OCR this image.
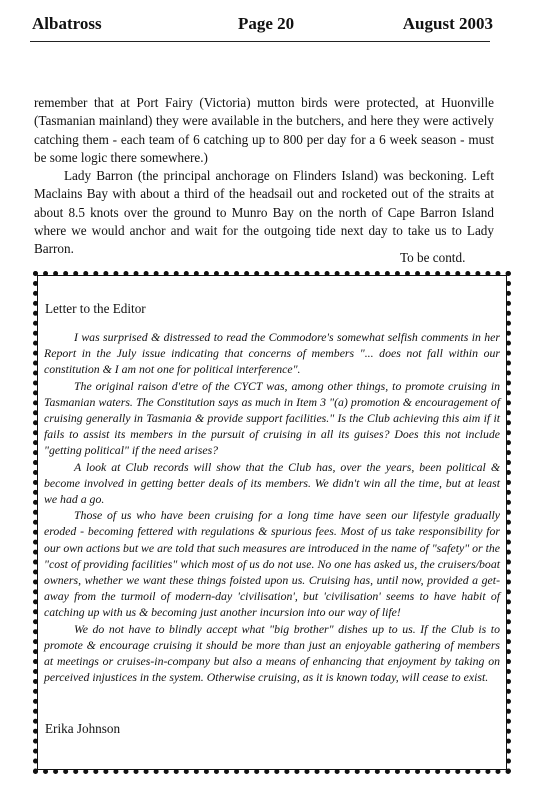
Albatross	Page 20	August 2003

remember that at Port Fairy (Victoria) mutton birds were protected, at Huonville (Tasmanian mainland) they were available in the butchers, and here they were actively catching them - each team of 6 catching up to 800 per day for a 6 week season - must be some logic there somewhere.)

Lady Barron (the principal anchorage on Flinders Island) was beckoning. Left Maclains Bay with about a third of the headsail out and rocketed out of the straits at about 8.5 knots over the ground to Munro Bay on the north of Cape Barron Island where we would anchor and wait for the outgoing tide next day to take us to Lady Barron.

To be contd.
Letter to the Editor

I was surprised & distressed to read the Commodore's somewhat selfish comments in her Report in the July issue indicating that concerns of members "... does not fall within our constitution & I am not one for political interference".

The original raison d'etre of the CYCT was, among other things, to promote cruising in Tasmanian waters. The Constitution says as much in Item 3 "(a) promotion & encouragement of cruising generally in Tasmania & provide support facilities." Is the Club achieving this aim if it fails to assist its members in the pursuit of cruising in all its guises? Does this not include "getting political" if the need arises?

A look at Club records will show that the Club has, over the years, been political & become involved in getting better deals of its members. We didn't win all the time, but at least we had a go.

Those of us who have been cruising for a long time have seen our lifestyle gradually eroded - becoming fettered with regulations & spurious fees. Most of us take responsibility for our own actions but we are told that such measures are introduced in the name of "safety" or the "cost of providing facilities" which most of us do not use. No one has asked us, the cruisers/boat owners, whether we want these things foisted upon us. Cruising has, until now, provided a get-away from the turmoil of modern-day 'civilisation', but 'civilisation' seems to have habit of catching up with us & becoming just another incursion into our way of life!

We do not have to blindly accept what "big brother" dishes up to us. If the Club is to promote & encourage cruising it should be more than just an enjoyable gathering of members at meetings or cruises-in-company but also a means of enhancing that enjoyment by taking on perceived injustices in the system. Otherwise cruising, as it is known today, will cease to exist.

Erika Johnson
